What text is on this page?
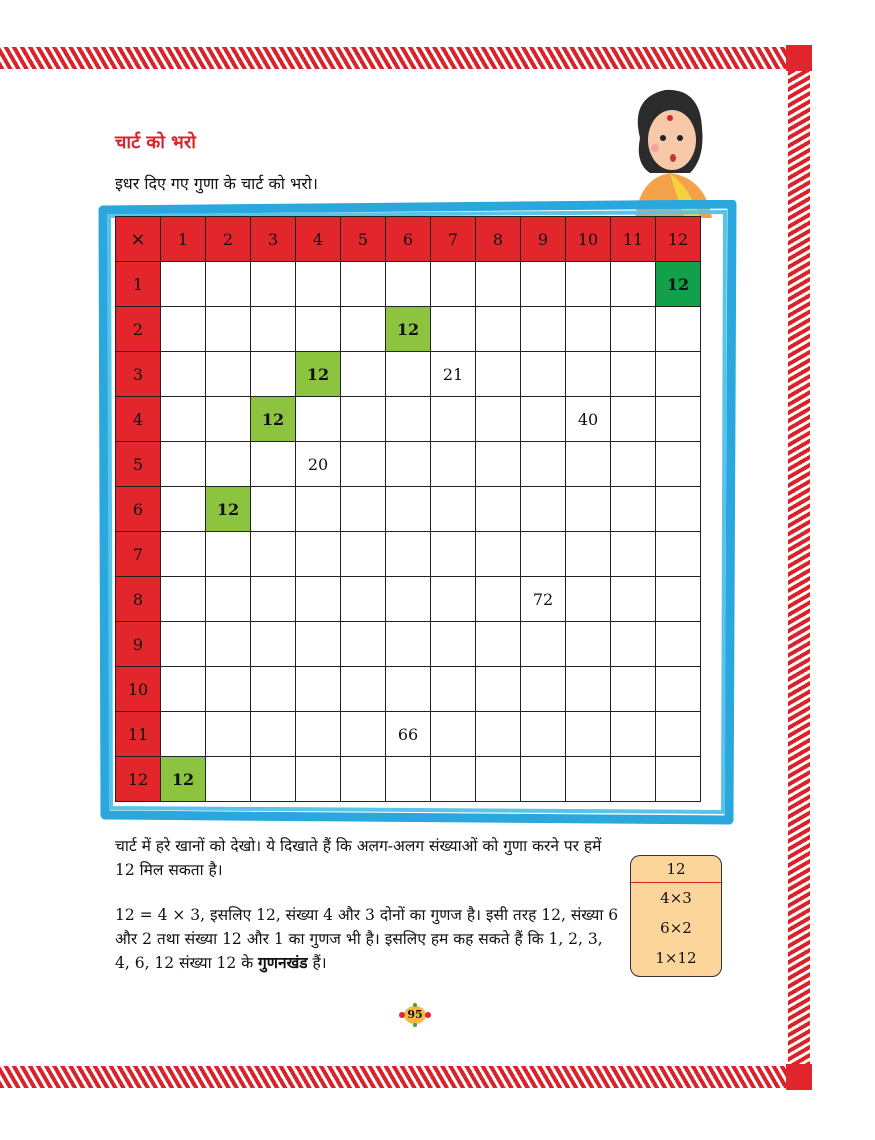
चार्ट को भरो

इधर दिए गए गुणा के चार्ट को भरो।

×	1	2	3	4	5	6	7	8	9	10	11	12
1												12
2						12						
3				12			21					
4			12							40		
5				20								
6		12										
7												
8									72			
9												
10												
11						66						
12	12											

चार्ट में हरे खानों को देखो। ये दिखाते हैं कि अलग-अलग संख्याओं को गुणा करने पर हमें 12 मिल सकता है।

12 = 4 × 3, इसलिए 12, संख्या 4 और 3 दोनों का गुणज है। इसी तरह 12, संख्या 6 और 2 तथा संख्या 12 और 1 का गुणज भी है। इसलिए हम कह सकते हैं कि 1, 2, 3, 4, 6, 12 संख्या 12 के गुणनखंड हैं।

12
4×3
6×2
1×12
95
